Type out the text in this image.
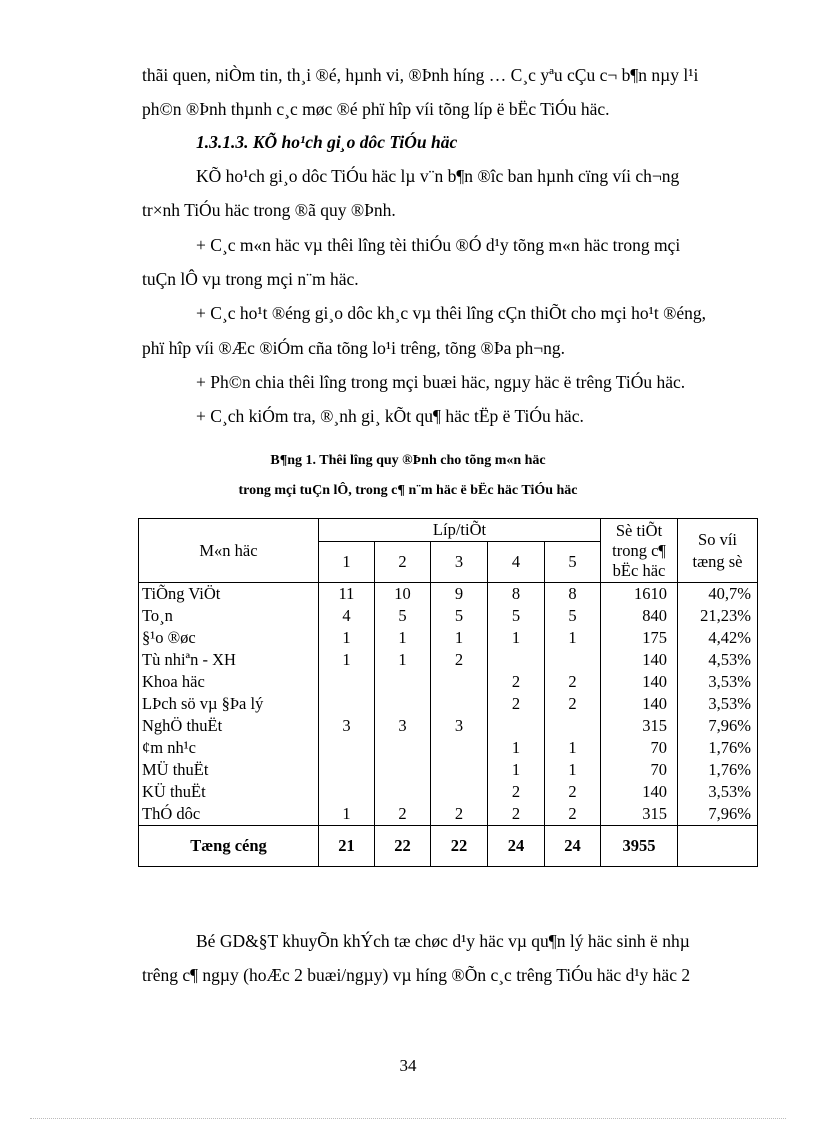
thãi quen, niÒm tin, th¸i ®é, hµnh vi, ®Þnh híng … C¸c yªu cÇu c¬ b¶n nµy l¹i
ph©n ®Þnh thµnh c¸c møc ®é phï hîp víi tõng líp ë bËc TiÓu häc.
1.3.1.3. KÕ ho¹ch gi¸o dôc TiÓu häc
KÕ ho¹ch gi¸o dôc TiÓu häc lµ v¨n b¶n ®îc ban hµnh cïng víi ch¬ng
tr×nh TiÓu häc trong ®ã quy ®Þnh.
+ C¸c m«n häc vµ thêi lîng tèi thiÓu ®Ó d¹y tõng m«n häc trong mçi
tuÇn lÔ vµ trong mçi n¨m häc.
+ C¸c ho¹t ®éng gi¸o dôc kh¸c vµ thêi lîng cÇn thiÕt cho mçi ho¹t ®éng,
phï hîp víi ®Æc ®iÓm cña tõng lo¹i trêng, tõng ®Þa ph¬ng.
+ Ph©n chia thêi lîng trong mçi buæi häc, ngµy häc ë trêng TiÓu häc.
+ C¸ch kiÓm tra, ®¸nh gi¸ kÕt qu¶ häc tËp ë TiÓu häc.
B¶ng 1. Thêi lîng quy ®Þnh cho tõng m«n häc
trong mçi tuÇn lÔ, trong c¶ n¨m häc ë bËc häc TiÓu häc
M«n häc	Líp/tiÕt					Sè tiÕt trong c¶ bËc häc	So víi tæng sè
	1	2	3	4	5		
TiÕng ViÖt	11	10	9	8	8	1610	40,7%
To¸n	4	5	5	5	5	840	21,23%
§¹o ®øc	1	1	1	1	1	175	4,42%
Tù nhiªn - XH	1	1	2			140	4,53%
Khoa häc				2	2	140	3,53%
LÞch sö vµ §Þa lý				2	2	140	3,53%
NghÖ thuËt	3	3	3			315	7,96%
¢m nh¹c				1	1	70	1,76%
MÜ thuËt				1	1	70	1,76%
KÜ thuËt				2	2	140	3,53%
ThÓ dôc	1	2	2	2	2	315	7,96%
Tæng céng	21	22	22	24	24	3955	
Bé GD&§T khuyÕn khÝch tæ chøc d¹y häc vµ qu¶n lý häc sinh ë nhµ
trêng c¶ ngµy (hoÆc 2 buæi/ngµy) vµ híng ®Õn c¸c trêng TiÓu häc d¹y häc 2
34
